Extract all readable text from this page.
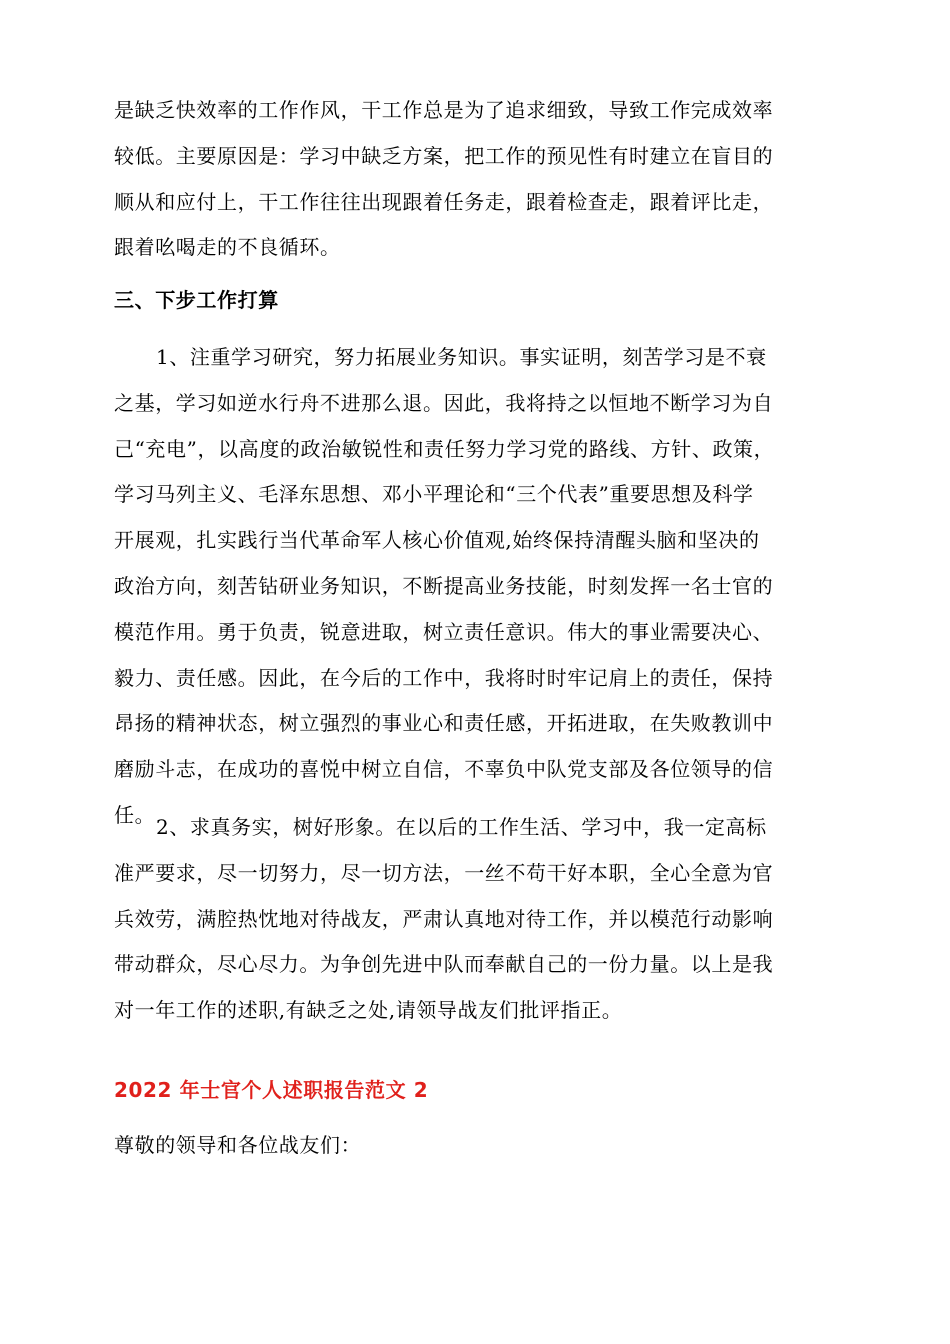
是缺乏快效率的工作作风，干工作总是为了追求细致，导致工作完成效率
较低。主要原因是：学习中缺乏方案，把工作的预见性有时建立在盲目的
顺从和应付上，干工作往往出现跟着任务走，跟着检查走，跟着评比走，
跟着吆喝走的不良循环。
三、下步工作打算
1、注重学习研究，努力拓展业务知识。事实证明，刻苦学习是不衰
之基，学习如逆水行舟不进那么退。因此，我将持之以恒地不断学习为自
己“充电”，以高度的政治敏锐性和责任努力学习党的路线、方针、政策，
学习马列主义、毛泽东思想、邓小平理论和“三个代表”重要思想及科学
开展观，扎实践行当代革命军人核心价值观,始终保持清醒头脑和坚决的
政治方向，刻苦钻研业务知识，不断提高业务技能，时刻发挥一名士官的
模范作用。勇于负责，锐意进取，树立责任意识。伟大的事业需要决心、
毅力、责任感。因此，在今后的工作中，我将时时牢记肩上的责任，保持
昂扬的精神状态，树立强烈的事业心和责任感，开拓进取，在失败教训中
磨励斗志，在成功的喜悦中树立自信，不辜负中队党支部及各位领导的信
任。
2、求真务实，树好形象。在以后的工作生活、学习中，我一定高标
准严要求，尽一切努力，尽一切方法，一丝不苟干好本职，全心全意为官
兵效劳，满腔热忱地对待战友，严肃认真地对待工作，并以模范行动影响
带动群众，尽心尽力。为争创先进中队而奉献自己的一份力量。以上是我
对一年工作的述职,有缺乏之处,请领导战友们批评指正。
2022 年士官个人述职报告范文 2
尊敬的领导和各位战友们：
